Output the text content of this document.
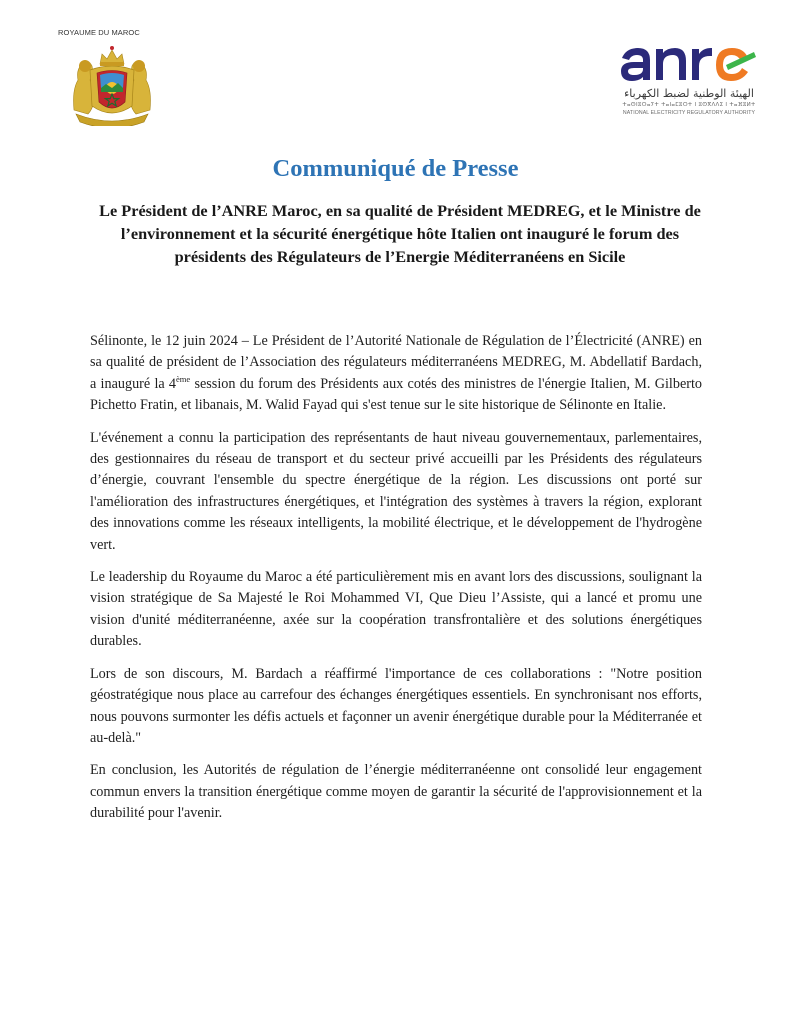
ROYAUME DU MAROC
الهيئة الوطنية لضبط الكهرباء
ⵜⴰⵙⵏⵓⵔⴰⵢⵜ ⵜⴰⵏⴰⵎⵓⵔⵜ ⵏ ⵓⵙⴳⴷⴷⵉ ⵏ ⵜⴰⴼⵓⵍⵜ
NATIONAL ELECTRICITY REGULATORY AUTHORITY
Communiqué de Presse
Le Président de l’ANRE Maroc, en sa qualité de Président MEDREG, et le Ministre de l’environnement et la sécurité énergétique hôte Italien ont inauguré le forum des présidents des Régulateurs de l’Energie Méditerranéens en Sicile

Sélinonte, le 12 juin 2024 – Le Président de l’Autorité Nationale de Régulation de l’Électricité (ANRE) en sa qualité de président de l’Association des régulateurs méditerranéens MEDREG, M. Abdellatif Bardach, a inauguré la 4ème session du forum des Présidents aux cotés des ministres de l'énergie Italien, M. Gilberto Pichetto Fratin, et libanais, M. Walid Fayad qui s'est tenue sur le site historique de Sélinonte en Italie.

L'événement a connu la participation des représentants de haut niveau gouvernementaux, parlementaires, des gestionnaires du réseau de transport et du secteur privé accueilli par les Présidents des régulateurs d’énergie, couvrant l'ensemble du spectre énergétique de la région. Les discussions ont porté sur l'amélioration des infrastructures énergétiques, et l'intégration des systèmes à travers la région, explorant des innovations comme les réseaux intelligents, la mobilité électrique, et le développement de l'hydrogène vert.

Le leadership du Royaume du Maroc a été particulièrement mis en avant lors des discussions, soulignant la vision stratégique de Sa Majesté le Roi Mohammed VI, Que Dieu l’Assiste, qui a lancé et promu une vision d'unité méditerranéenne, axée sur la coopération transfrontalière et des solutions énergétiques durables.

Lors de son discours, M. Bardach a réaffirmé l'importance de ces collaborations : "Notre position géostratégique nous place au carrefour des échanges énergétiques essentiels. En synchronisant nos efforts, nous pouvons surmonter les défis actuels et façonner un avenir énergétique durable pour la Méditerranée et au-delà."

En conclusion, les Autorités de régulation de l’énergie méditerranéenne ont consolidé leur engagement commun envers la transition énergétique comme moyen de garantir la sécurité de l'approvisionnement et la durabilité pour l'avenir.
